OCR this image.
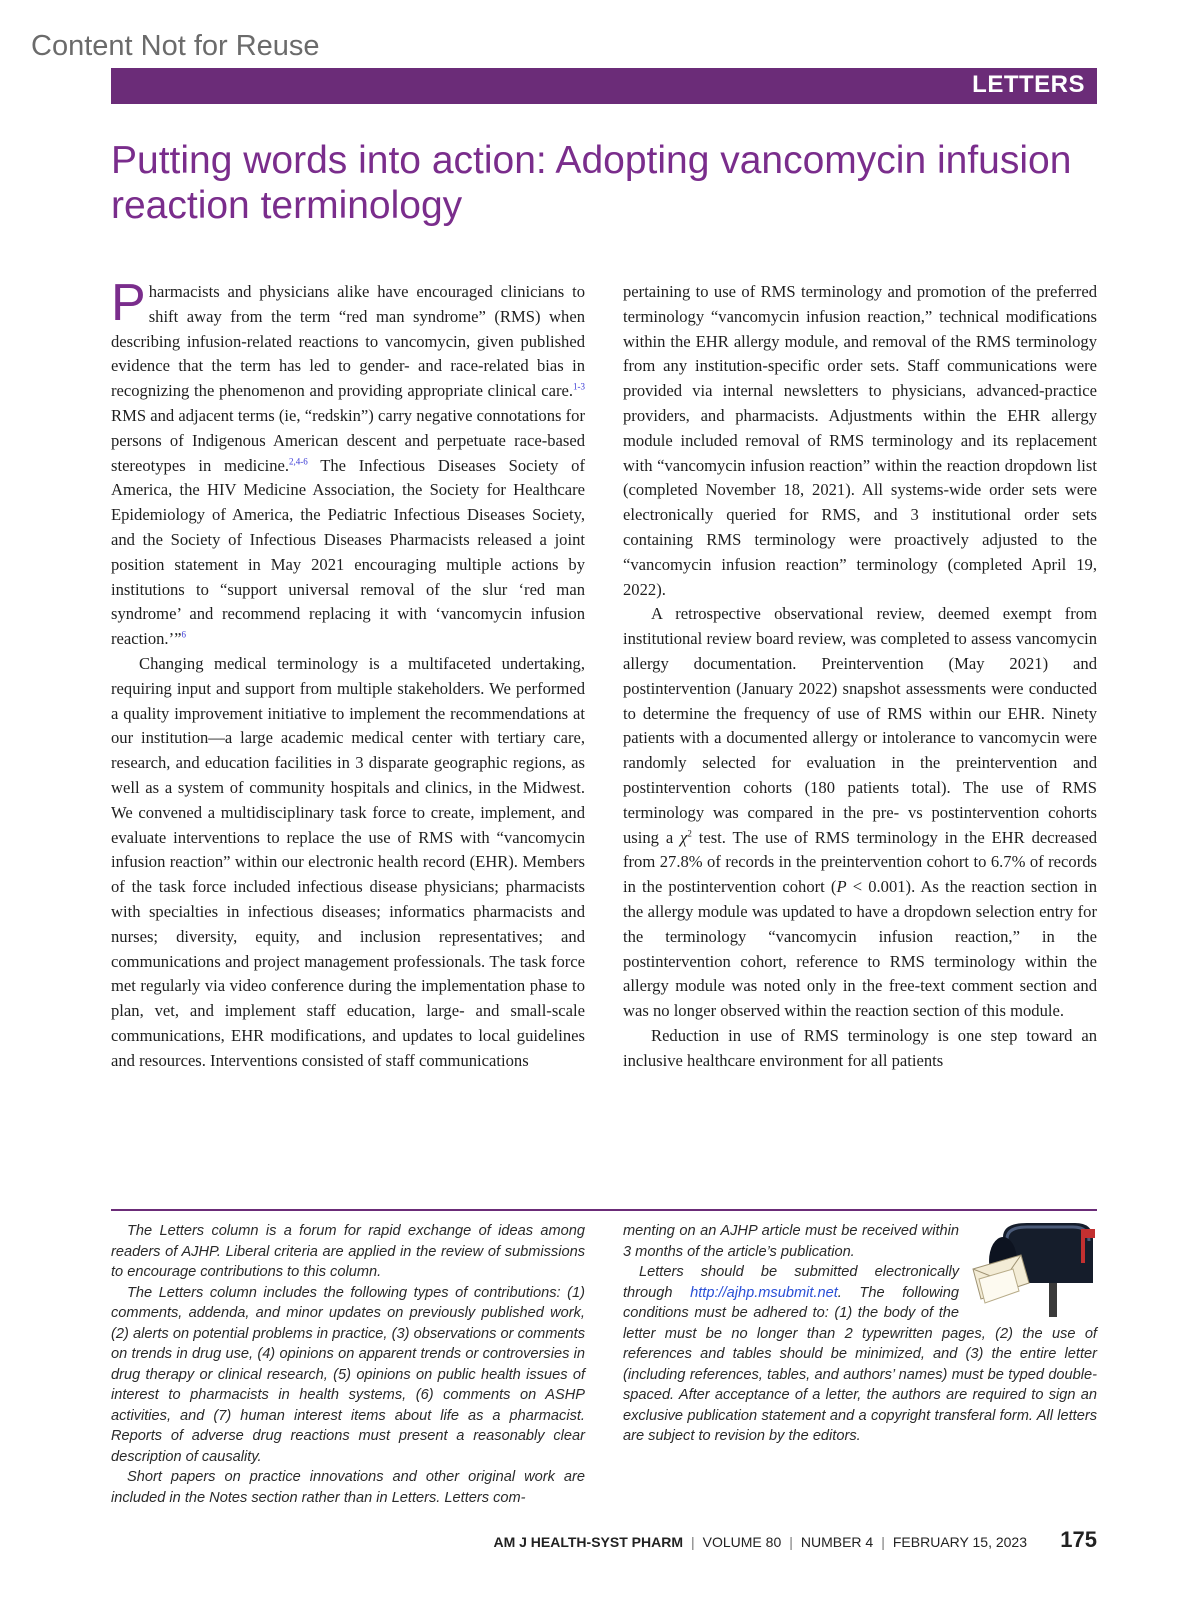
Content Not for Reuse
LETTERS
Putting words into action: Adopting vancomycin infusion reaction terminology

Pharmacists and physicians alike have encouraged clinicians to shift away from the term “red man syndrome” (RMS) when describing infusion-related reactions to vancomycin, given published evidence that the term has led to gender- and race-related bias in recognizing the phenomenon and providing appropriate clinical care.$^{1-3}$ RMS and adjacent terms (ie, “redskin”) carry negative connotations for persons of Indigenous American descent and perpetuate race-based stereotypes in medicine.$^{2,4-6}$ The Infectious Diseases Society of America, the HIV Medicine Association, the Society for Healthcare Epidemiology of America, the Pediatric Infectious Diseases Society, and the Society of Infectious Diseases Pharmacists released a joint position statement in May 2021 encouraging multiple actions by institutions to “support universal removal of the slur ‘red man syndrome’ and recommend replacing it with ‘vancomycin infusion reaction.’”$^6$

Changing medical terminology is a multifaceted undertaking, requiring input and support from multiple stakeholders. We performed a quality improvement initiative to implement the recommendations at our institution—a large academic medical center with tertiary care, research, and education facilities in 3 disparate geographic regions, as well as a system of community hospitals and clinics, in the Midwest. We convened a multidisciplinary task force to create, implement, and evaluate interventions to replace the use of RMS with “vancomycin infusion reaction” within our electronic health record (EHR). Members of the task force included infectious disease physicians; pharmacists with specialties in infectious diseases; informatics pharmacists and nurses; diversity, equity, and inclusion representatives; and communications and project management professionals. The task force met regularly via video conference during the implementation phase to plan, vet, and implement staff education, large- and small-scale communications, EHR modifications, and updates to local guidelines and resources. Interventions consisted of staff communications

pertaining to use of RMS terminology and promotion of the preferred terminology “vancomycin infusion reaction,” technical modifications within the EHR allergy module, and removal of the RMS terminology from any institution-specific order sets. Staff communications were provided via internal newsletters to physicians, advanced-practice providers, and pharmacists. Adjustments within the EHR allergy module included removal of RMS terminology and its replacement with “vancomycin infusion reaction” within the reaction dropdown list (completed November 18, 2021). All systems-wide order sets were electronically queried for RMS, and 3 institutional order sets containing RMS terminology were proactively adjusted to the “vancomycin infusion reaction” terminology (completed April 19, 2022).

A retrospective observational review, deemed exempt from institutional review board review, was completed to assess vancomycin allergy documentation. Preintervention (May 2021) and postintervention (January 2022) snapshot assessments were conducted to determine the frequency of use of RMS within our EHR. Ninety patients with a documented allergy or intolerance to vancomycin were randomly selected for evaluation in the preintervention and postintervention cohorts (180 patients total). The use of RMS terminology was compared in the pre- vs postintervention cohorts using a $\chi^2$ test. The use of RMS terminology in the EHR decreased from 27.8% of records in the preintervention cohort to 6.7% of records in the postintervention cohort (P < 0.001). As the reaction section in the allergy module was updated to have a dropdown selection entry for the terminology “vancomycin infusion reaction,” in the postintervention cohort, reference to RMS terminology within the allergy module was noted only in the free-text comment section and was no longer observed within the reaction section of this module.

Reduction in use of RMS terminology is one step toward an inclusive healthcare environment for all patients

The Letters column is a forum for rapid exchange of ideas among readers of AJHP. Liberal criteria are applied in the review of submissions to encourage contributions to this column.

The Letters column includes the following types of contributions: (1) comments, addenda, and minor updates on previously published work, (2) alerts on potential problems in practice, (3) observations or comments on trends in drug use, (4) opinions on apparent trends or controversies in drug therapy or clinical research, (5) opinions on public health issues of interest to pharmacists in health systems, (6) comments on ASHP activities, and (7) human interest items about life as a pharmacist. Reports of adverse drug reactions must present a reasonably clear description of causality.

Short papers on practice innovations and other original work are included in the Notes section rather than in Letters. Letters com-

menting on an AJHP article must be received within 3 months of the article’s publication.

Letters should be submitted electronically through http://ajhp.msubmit.net. The following conditions must be adhered to: (1) the body of the letter must be no longer than 2 typewritten pages, (2) the use of references and tables should be minimized, and (3) the entire letter (including references, tables, and authors’ names) must be typed double-spaced. After acceptance of a letter, the authors are required to sign an exclusive publication statement and a copyright transferal form. All letters are subject to revision by the editors.

AM J HEALTH-SYST PHARM | VOLUME 80 | NUMBER 4 | FEBRUARY 15, 2023 175
